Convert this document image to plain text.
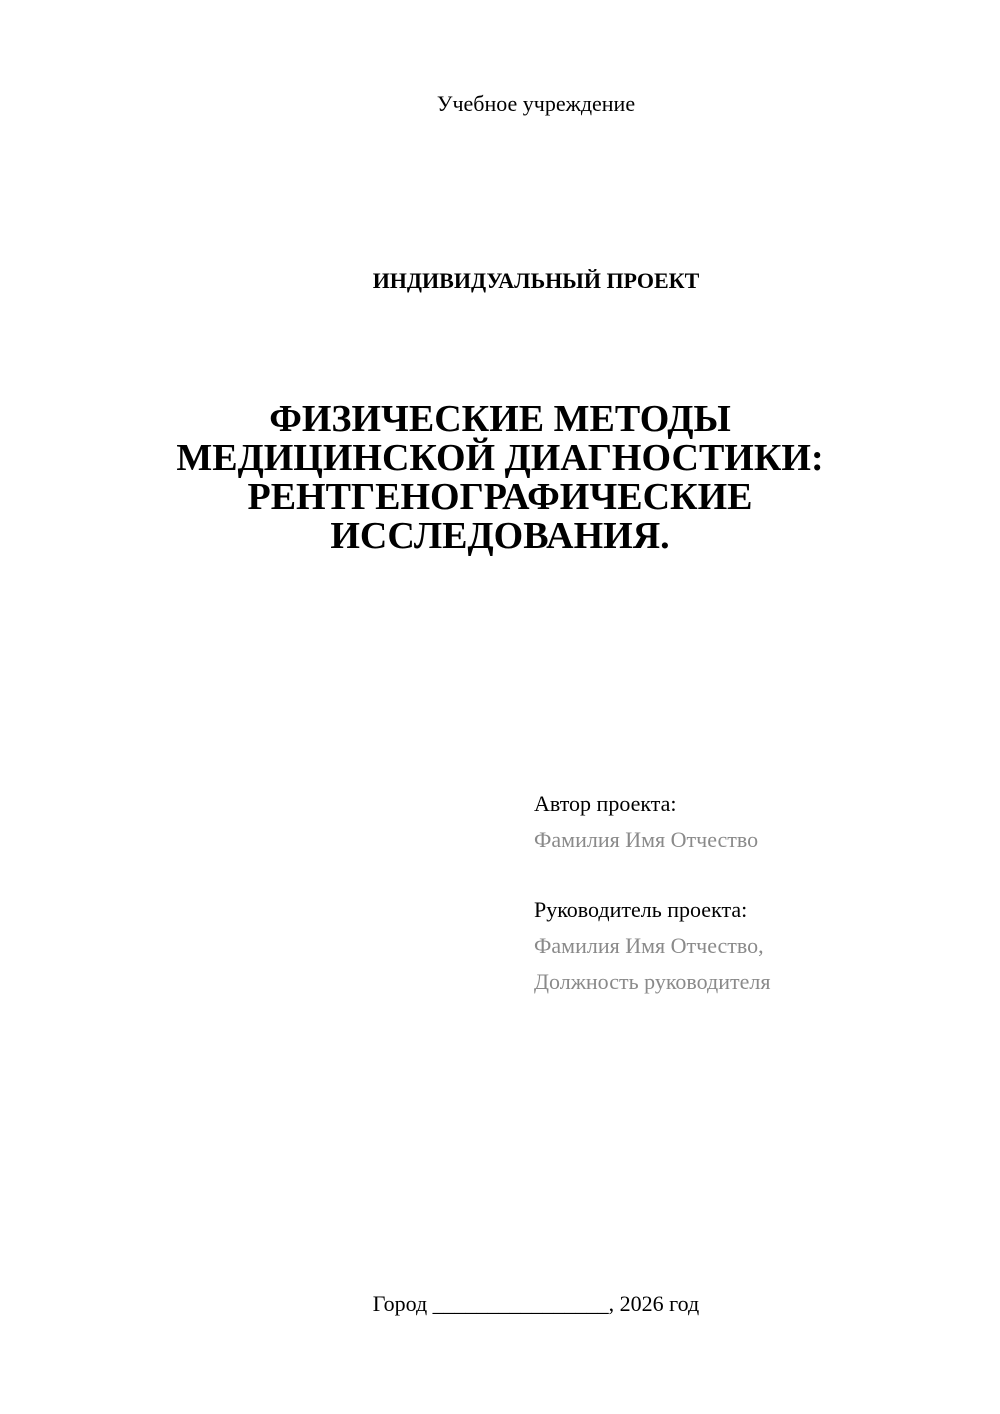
Учебное учреждение
ИНДИВИДУАЛЬНЫЙ ПРОЕКТ
ФИЗИЧЕСКИЕ МЕТОДЫ
МЕДИЦИНСКОЙ ДИАГНОСТИКИ:
РЕНТГЕНОГРАФИЧЕСКИЕ
ИССЛЕДОВАНИЯ.
Автор проекта:
Фамилия Имя Отчество
Руководитель проекта:
Фамилия Имя Отчество,
Должность руководителя
Город ________________, 2026 год
